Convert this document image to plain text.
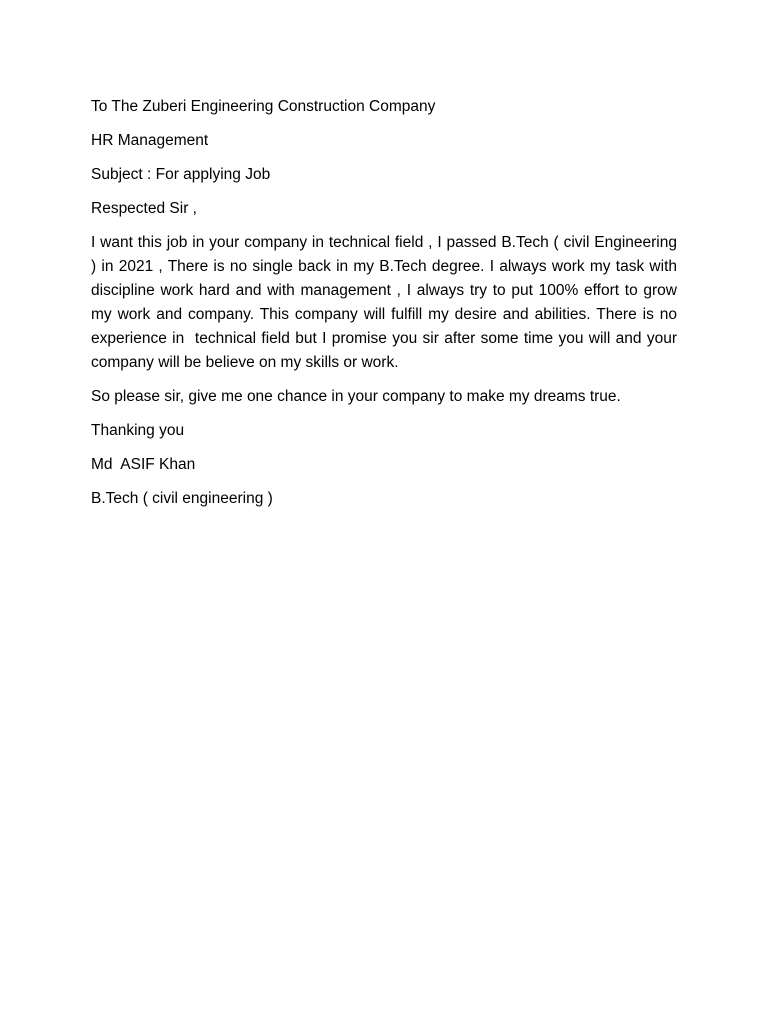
To The Zuberi Engineering Construction Company

HR Management

Subject : For applying Job

Respected Sir ,

I want this job in your company in technical field , I passed B.Tech ( civil Engineering ) in 2021 , There is no single back in my B.Tech degree. I always work my task with discipline work hard and with management , I always try to put 100% effort to grow my work and company. This company will fulfill my desire and abilities. There is no experience in  technical field but I promise you sir after some time you will and your company will be believe on my skills or work.

So please sir, give me one chance in your company to make my dreams true.

Thanking you

Md  ASIF Khan

B.Tech ( civil engineering )
